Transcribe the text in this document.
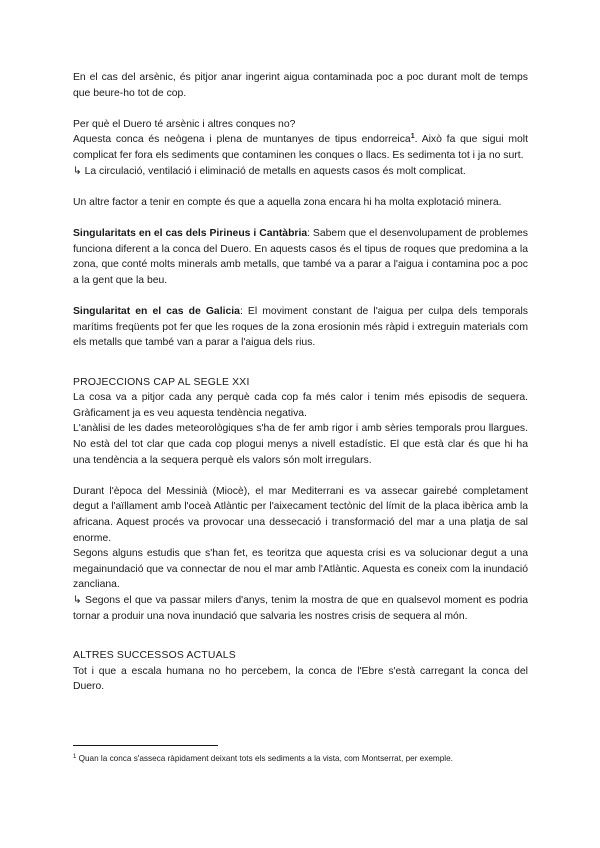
En el cas del arsènic, és pitjor anar ingerint aigua contaminada poc a poc durant molt de temps que beure-ho tot de cop.

Per què el Duero té arsènic i altres conques no?

Aquesta conca és neògena i plena de muntanyes de tipus endorreica$^1$. Això fa que sigui molt complicat fer fora els sediments que contaminen les conques o llacs. Es sedimenta tot i ja no surt.

↳ La circulació, ventilació i eliminació de metalls en aquests casos és molt complicat.

Un altre factor a tenir en compte és que a aquella zona encara hi ha molta explotació minera.

Singularitats en el cas dels Pirineus i Cantàbria: Sabem que el desenvolupament de problemes funciona diferent a la conca del Duero. En aquests casos és el tipus de roques que predomina a la zona, que conté molts minerals amb metalls, que també va a parar a l'aigua i contamina poc a poc a la gent que la beu.

Singularitat en el cas de Galicia: El moviment constant de l'aigua per culpa dels temporals marítims freqüents pot fer que les roques de la zona erosionin més ràpid i extreguin materials com els metalls que també van a parar a l'aigua dels rius.

PROJECCIONS CAP AL SEGLE XXI

La cosa va a pitjor cada any perquè cada cop fa més calor i tenim més episodis de sequera. Gràficament ja es veu aquesta tendència negativa.

L'anàlisi de les dades meteorològiques s'ha de fer amb rigor i amb sèries temporals prou llargues. No està del tot clar que cada cop plogui menys a nivell estadístic. El que està clar és que hi ha una tendència a la sequera perquè els valors són molt irregulars.

Durant l'època del Messinià (Miocè), el mar Mediterrani es va assecar gairebé completament degut a l'aïllament amb l'oceà Atlàntic per l'aixecament tectònic del límit de la placa ibèrica amb la africana. Aquest procés va provocar una dessecació i transformació del mar a una platja de sal enorme.

Segons alguns estudis que s'han fet, es teoritza que aquesta crisi es va solucionar degut a una megainundació que va connectar de nou el mar amb l'Atlàntic. Aquesta es coneix com la inundació zancliana.

↳ Segons el que va passar milers d'anys, tenim la mostra de que en qualsevol moment es podria tornar a produir una nova inundació que salvaria les nostres crisis de sequera al món.

ALTRES SUCCESSOS ACTUALS

Tot i que a escala humana no ho percebem, la conca de l'Ebre s'està carregant la conca del Duero.

$^1$ Quan la conca s'asseca ràpidament deixant tots els sediments a la vista, com Montserrat, per exemple.
